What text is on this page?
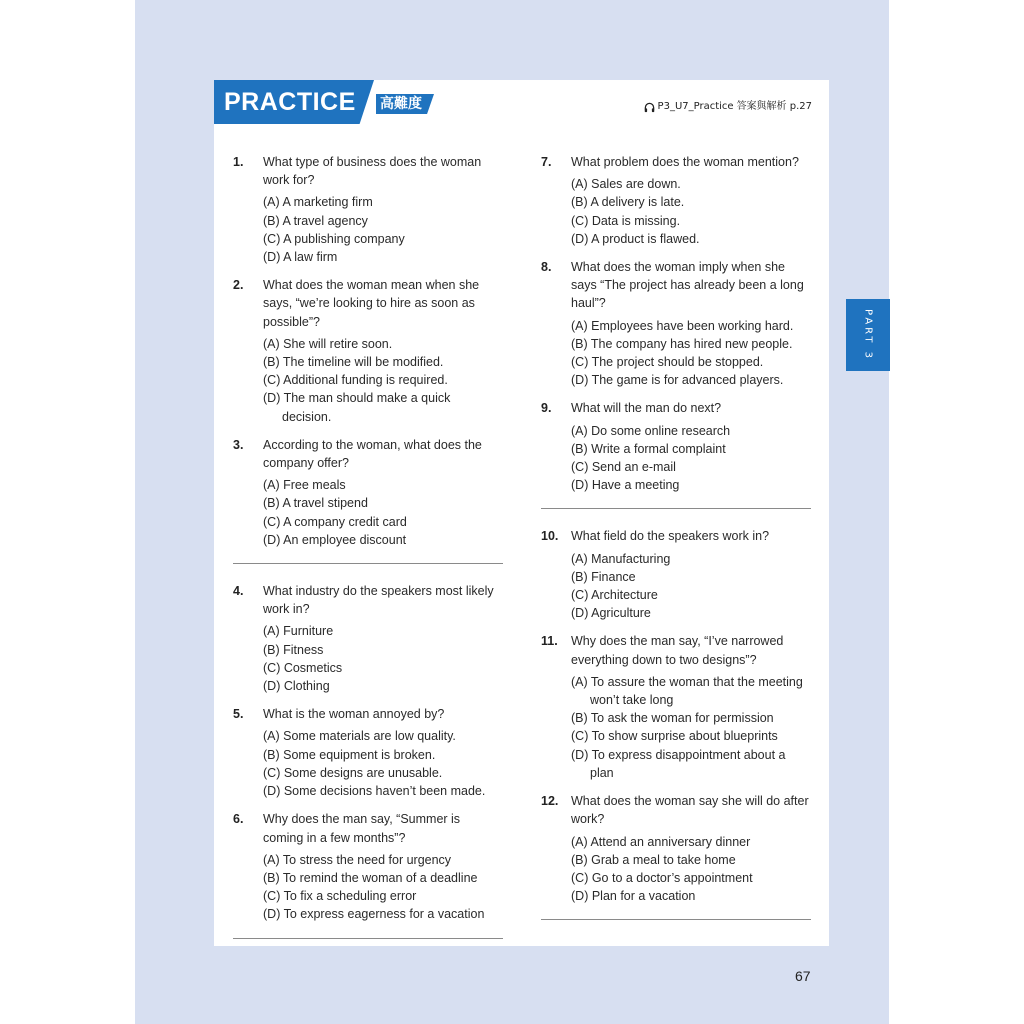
PRACTICE 高難度	P3_U7_Practice 答案與解析 p.27
PART 3
1.	What type of business does the woman work for?
(A) A marketing firm
(B) A travel agency
(C) A publishing company
(D) A law firm
2.	What does the woman mean when she says, “we’re looking to hire as soon as possible”?
(A) She will retire soon.
(B) The timeline will be modified.
(C) Additional funding is required.
(D) The man should make a quick decision.
3.	According to the woman, what does the company offer?
(A) Free meals
(B) A travel stipend
(C) A company credit card
(D) An employee discount
4.	What industry do the speakers most likely work in?
(A) Furniture
(B) Fitness
(C) Cosmetics
(D) Clothing
5.	What is the woman annoyed by?
(A) Some materials are low quality.
(B) Some equipment is broken.
(C) Some designs are unusable.
(D) Some decisions haven’t been made.
6.	Why does the man say, “Summer is coming in a few months”?
(A) To stress the need for urgency
(B) To remind the woman of a deadline
(C) To fix a scheduling error
(D) To express eagerness for a vacation
7.	What problem does the woman mention?
(A) Sales are down.
(B) A delivery is late.
(C) Data is missing.
(D) A product is flawed.
8.	What does the woman imply when she says “The project has already been a long haul”?
(A) Employees have been working hard.
(B) The company has hired new people.
(C) The project should be stopped.
(D) The game is for advanced players.
9.	What will the man do next?
(A) Do some online research
(B) Write a formal complaint
(C) Send an e-mail
(D) Have a meeting
10.	What field do the speakers work in?
(A) Manufacturing
(B) Finance
(C) Architecture
(D) Agriculture
11.	Why does the man say, “I’ve narrowed everything down to two designs”?
(A) To assure the woman that the meeting won’t take long
(B) To ask the woman for permission
(C) To show surprise about blueprints
(D) To express disappointment about a plan
12.	What does the woman say she will do after work?
(A) Attend an anniversary dinner
(B) Grab a meal to take home
(C) Go to a doctor’s appointment
(D) Plan for a vacation
67
